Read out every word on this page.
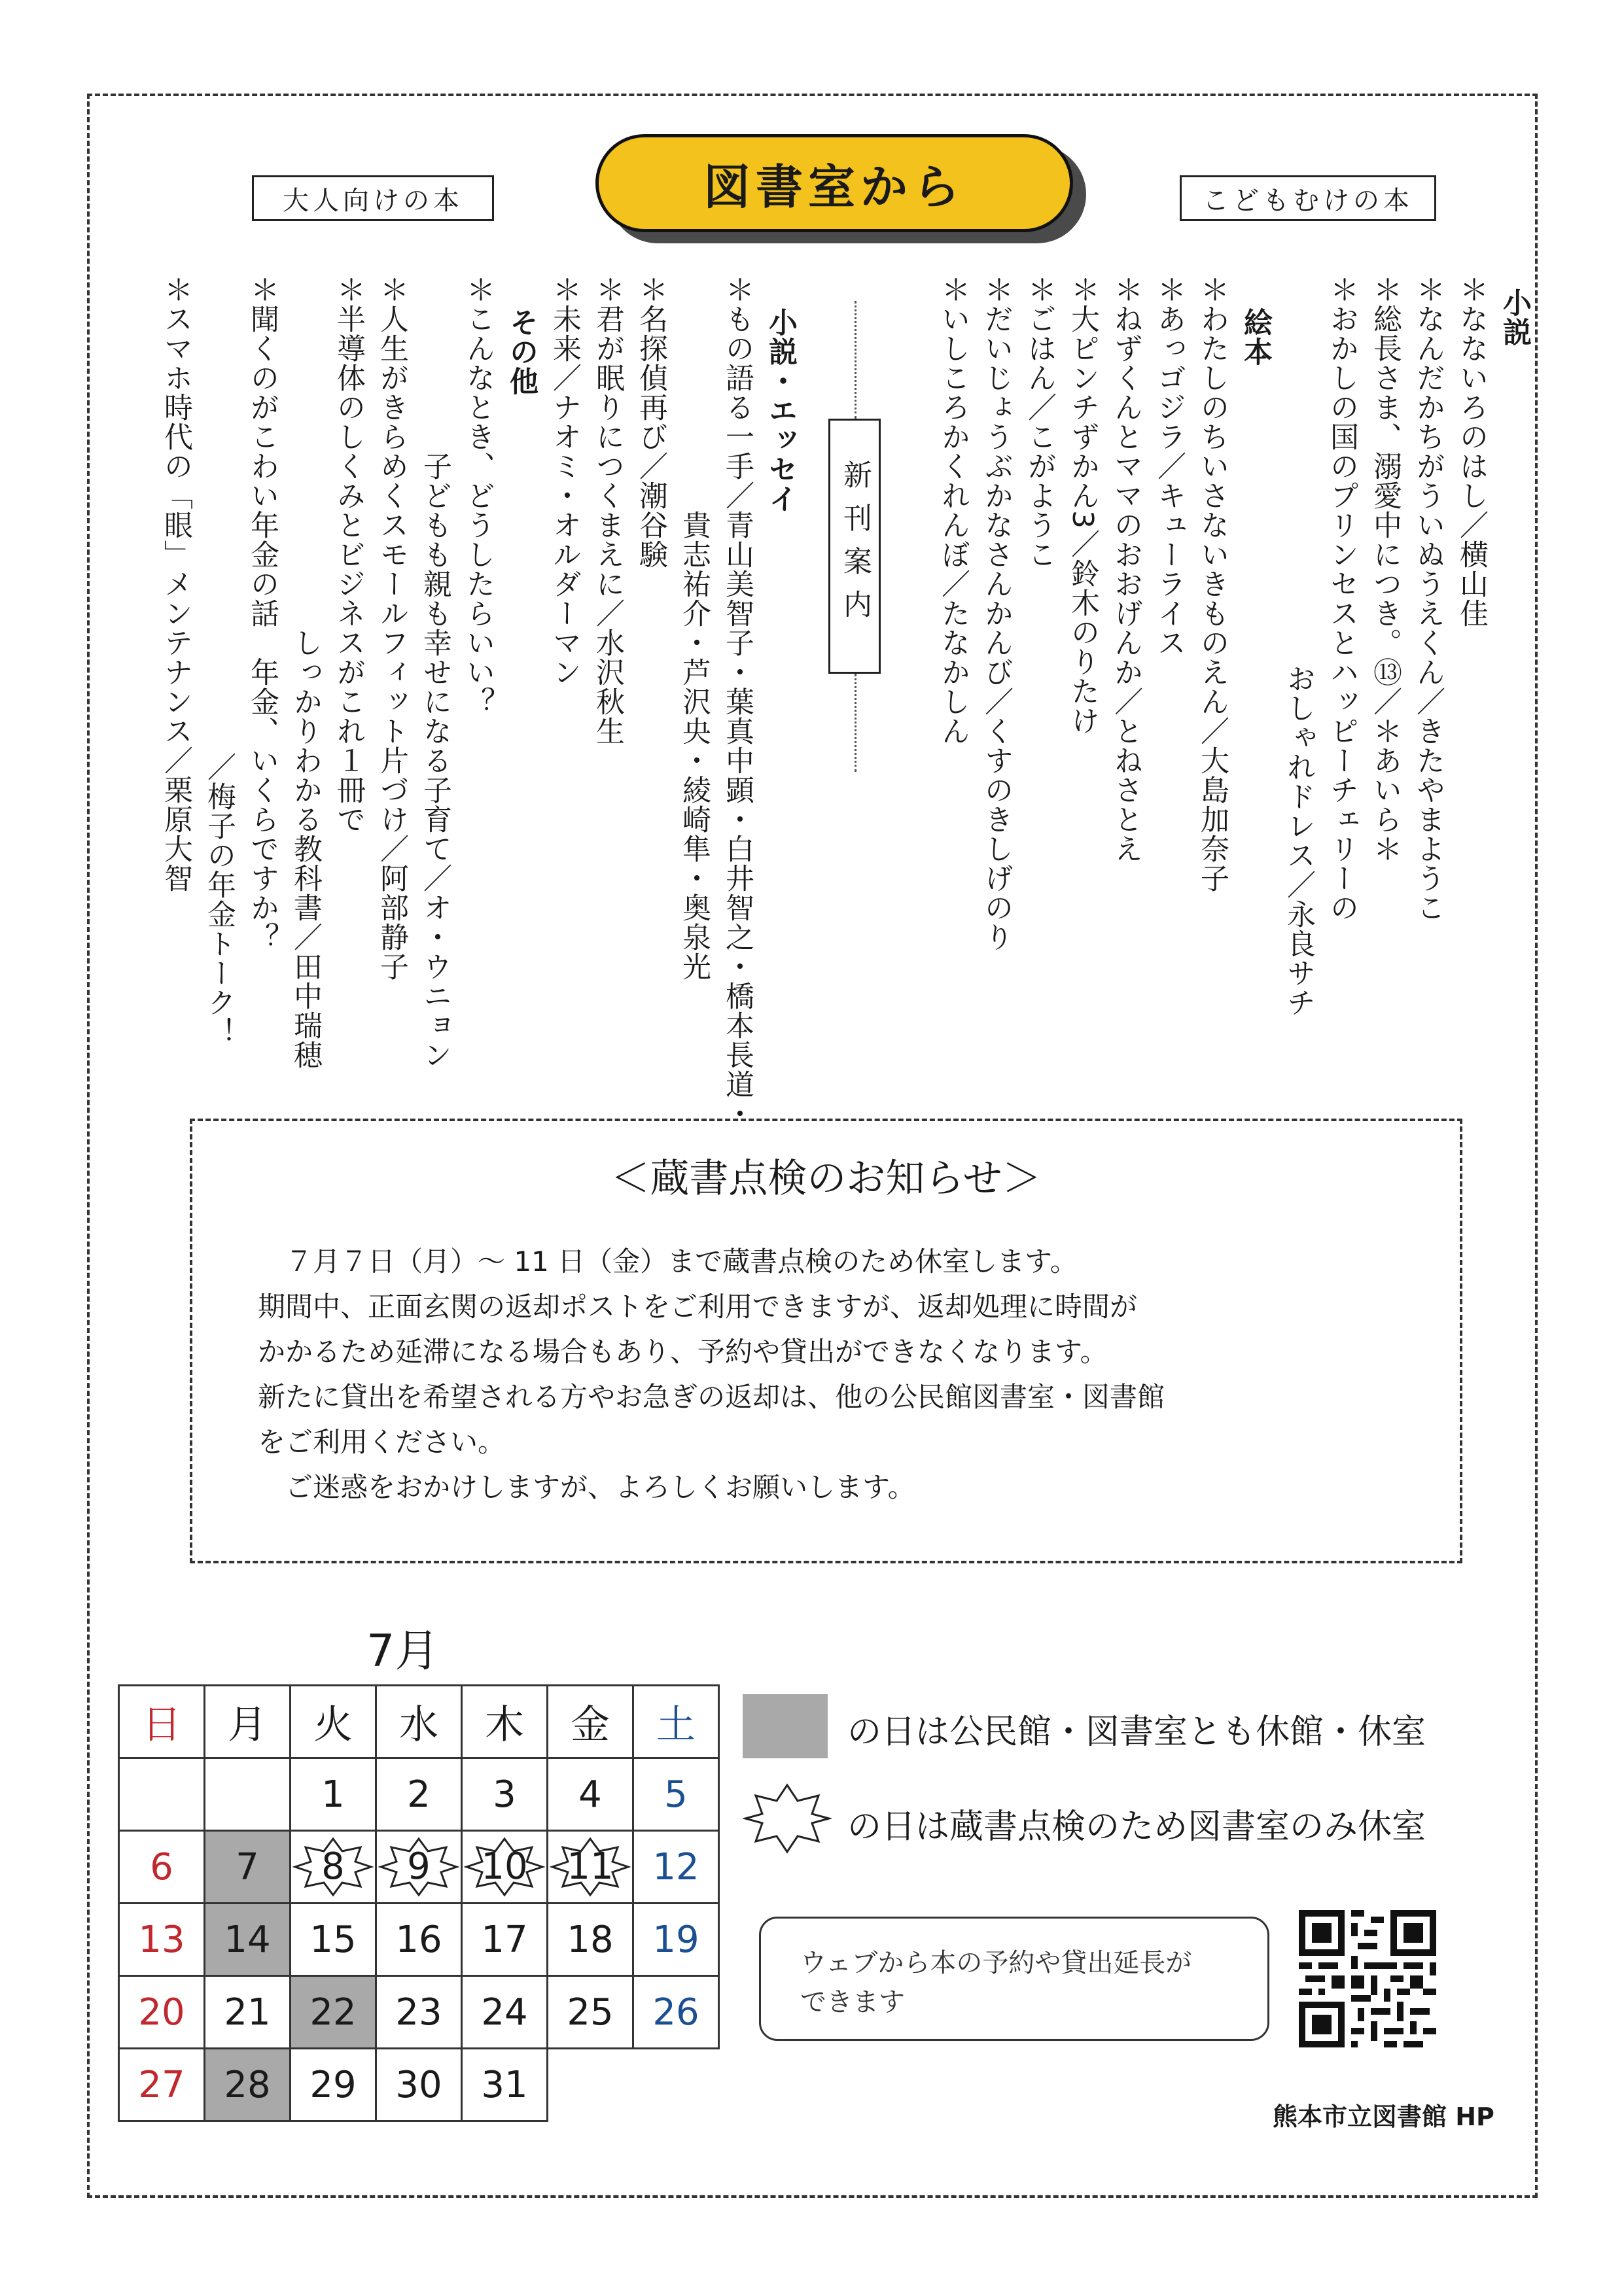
図書室から
大人向けの本	こどもむけの本
小説
＊なないろのはし／横山佳
＊なんだかちがういぬうえくん／きたやまようこ
＊総長さま、溺愛中につき。⑬／＊あいら＊
＊おかしの国のプリンセスとハッピーチェリーの
おしゃれドレス／永良サチ
絵本
＊わたしのちいさないきものえん／大島加奈子
＊あっゴジラ／キューライス
＊ねずくんとママのおおげんか／とねさとえ
＊大ピンチずかん3／鈴木のりたけ
＊ごはん／こがようこ
＊だいじょうぶかなさんかんび／くすのきしげのり
＊いしころかくれんぼ／たなかしん
新刊案内
小説・エッセイ
＊もの語る一手／青山美智子・葉真中顕・白井智之・橋本長道・
貴志祐介・芦沢央・綾崎隼・奥泉光
＊名探偵再び／潮谷験
＊君が眠りにつくまえに／水沢秋生
＊未来／ナオミ・オルダーマン
その他
＊こんなとき、どうしたらいい？
子どもも親も幸せになる子育て／オ・ウニョン
＊人生がきらめくスモールフィット片づけ／阿部静子
＊半導体のしくみとビジネスがこれ１冊で
しっかりわかる教科書／田中瑞穂
＊聞くのがこわい年金の話　年金、いくらですか？
／梅子の年金トーク！
＊スマホ時代の「眼」メンテナンス／栗原大智
＜蔵書点検のお知らせ＞

　７月７日（月）～ 11 日（金）まで蔵書点検のため休室します。

期間中、正面玄関の返却ポストをご利用できますが、返却処理に時間が

かかるため延滞になる場合もあり、予約や貸出ができなくなります。

新たに貸出を希望される方やお急ぎの返却は、他の公民館図書室・図書館

をご利用ください。

　ご迷惑をおかけしますが、よろしくお願いします。

7月
日	月	火	水	木	金	土
		1	2	3	4	5
6	7	8	9	10	11	12
13	14	15	16	17	18	19
20	21	22	23	24	25	26
27	28	29	30	31		
の日は公民館・図書室とも休館・休室
の日は蔵書点検のため図書室のみ休室
ウェブから本の予約や貸出延長が
できます
熊本市立図書館 HP
